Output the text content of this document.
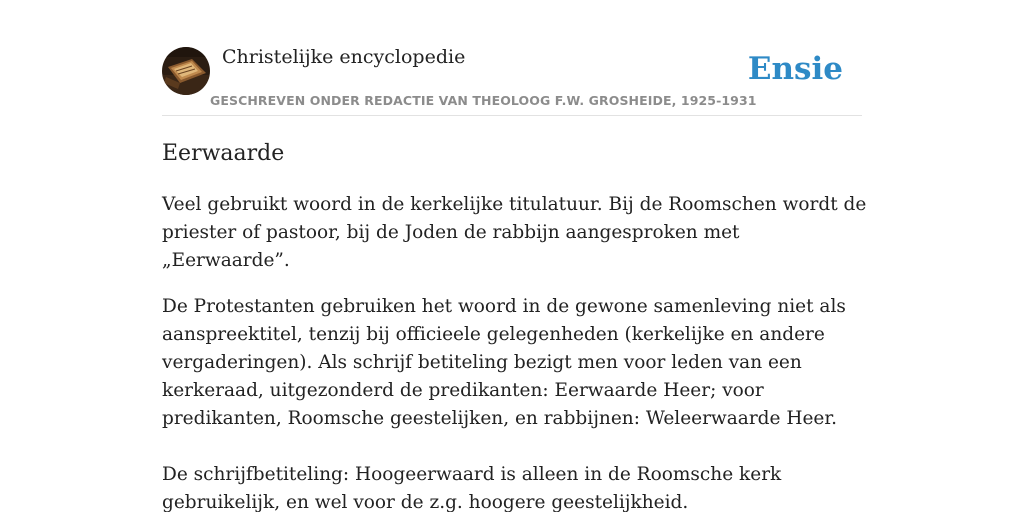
Christelijke encyclopedie
GESCHREVEN ONDER REDACTIE VAN THEOLOOG F.W. GROSHEIDE, 1925-1931
Ensie
Eerwaarde

Veel gebruikt woord in de kerkelijke titulatuur. Bij de Roomschen wordt de priester of pastoor, bij de Joden de rabbijn aangesproken met „Eerwaarde”.

De Protestanten gebruiken het woord in de gewone samenleving niet als aanspreektitel, tenzij bij officieele gelegenheden (kerkelijke en andere vergaderingen). Als schrijf betiteling bezigt men voor leden van een kerkeraad, uitgezonderd de predikanten: Eerwaarde Heer; voor predikanten, Roomsche geestelijken, en rabbijnen: Weleerwaarde Heer.

De schrijfbetiteling: Hoogeerwaard is alleen in de Roomsche kerk gebruikelijk, en wel voor de z.g. hoogere geestelijkheid.
